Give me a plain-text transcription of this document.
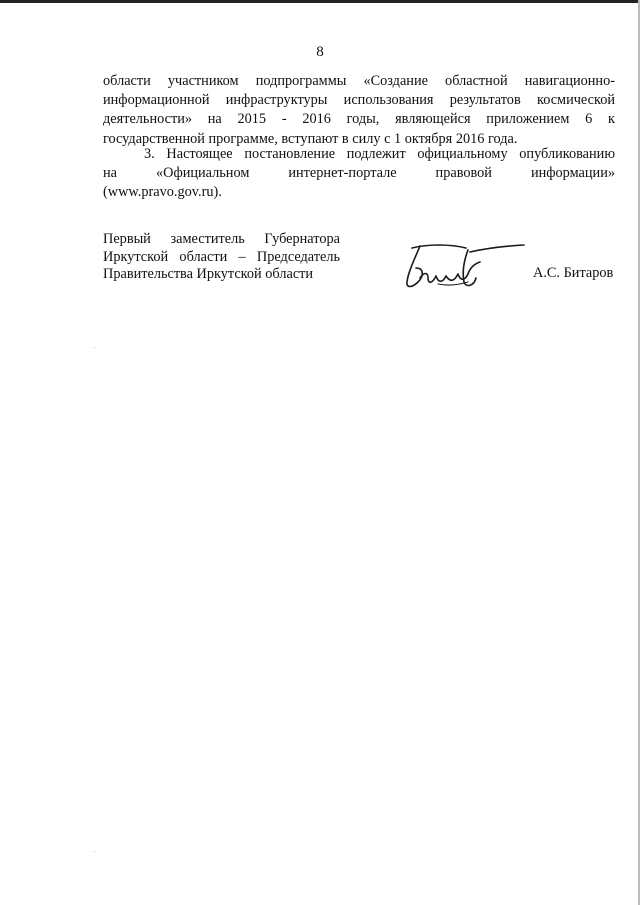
8
области участником подпрограммы «Создание областной навигационно-
информационной инфраструктуры использования результатов космической
деятельности» на 2015 - 2016 годы, являющейся приложением 6 к
государственной программе, вступают в силу с 1 октября 2016 года.
3. Настоящее постановление подлежит официальному опубликованию
на «Официальном интернет-портале правовой информации»
(www.pravo.gov.ru).
Первый заместитель Губернатора
Иркутской области – Председатель
Правительства Иркутской области	А.С. Битаров
